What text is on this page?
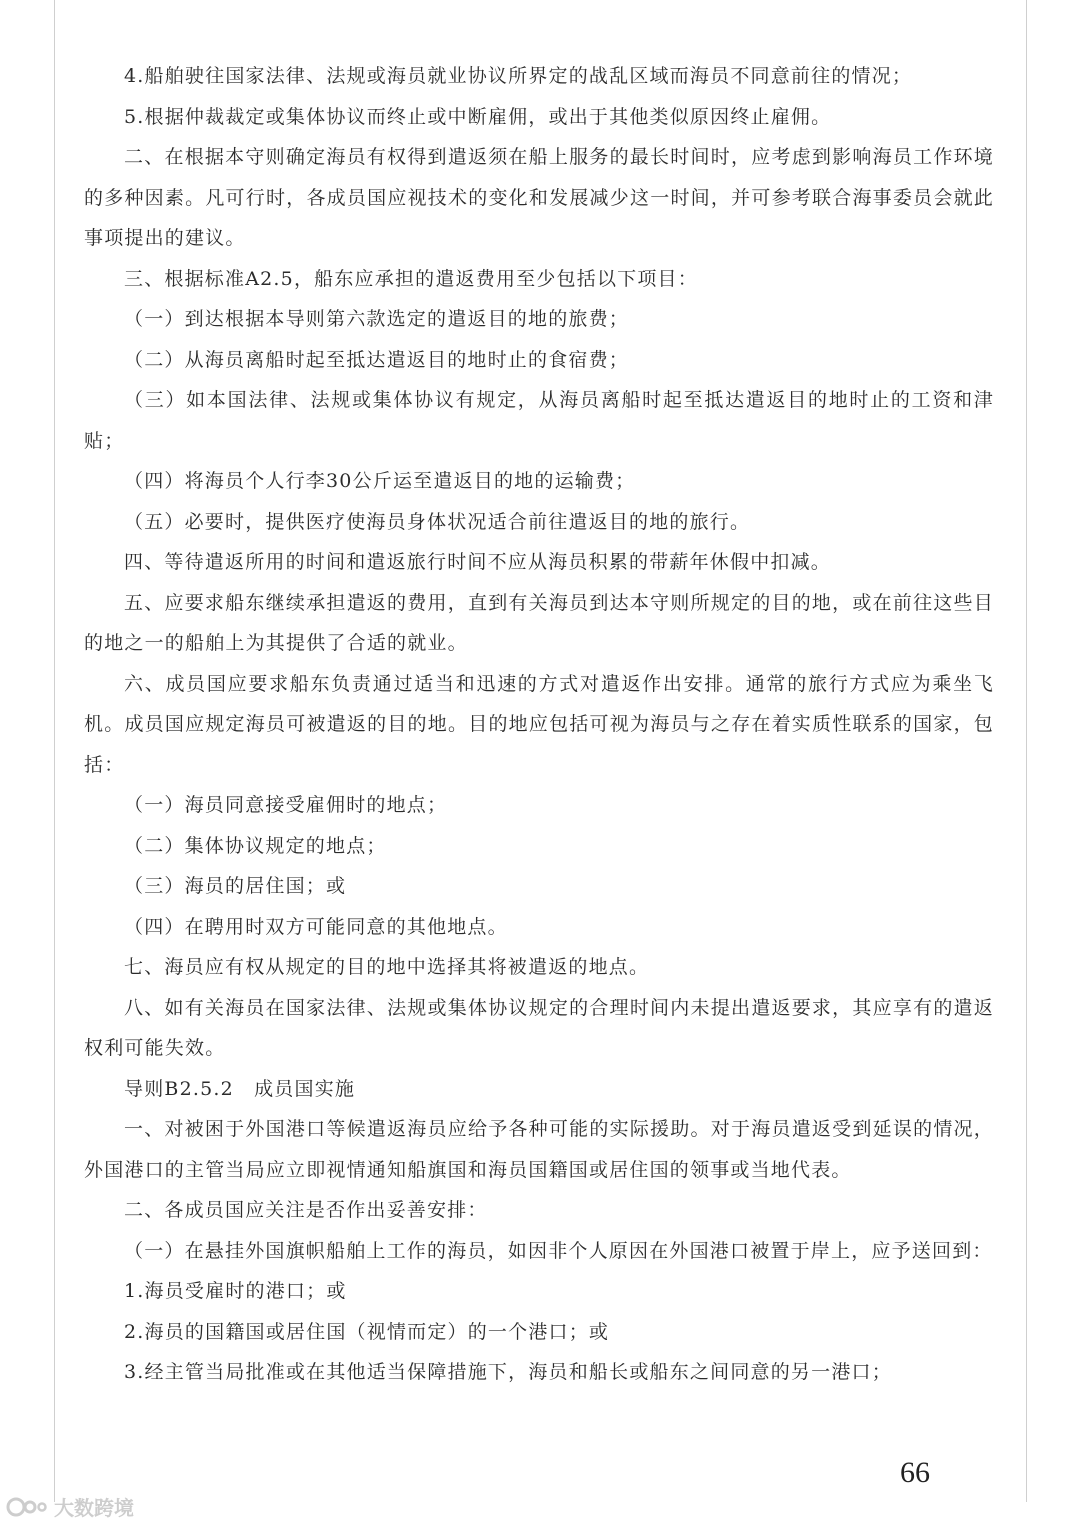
4.船舶驶往国家法律、法规或海员就业协议所界定的战乱区域而海员不同意前往的情况；

5.根据仲裁裁定或集体协议而终止或中断雇佣，或出于其他类似原因终止雇佣。

二、在根据本守则确定海员有权得到遣返须在船上服务的最长时间时，应考虑到影响海员工作环境的多种因素。凡可行时，各成员国应视技术的变化和发展减少这一时间，并可参考联合海事委员会就此事项提出的建议。

三、根据标准A2.5，船东应承担的遣返费用至少包括以下项目：

（一）到达根据本导则第六款选定的遣返目的地的旅费；

（二）从海员离船时起至抵达遣返目的地时止的食宿费；

（三）如本国法律、法规或集体协议有规定，从海员离船时起至抵达遣返目的地时止的工资和津贴；

（四）将海员个人行李30公斤运至遣返目的地的运输费；

（五）必要时，提供医疗使海员身体状况适合前往遣返目的地的旅行。

四、等待遣返所用的时间和遣返旅行时间不应从海员积累的带薪年休假中扣减。

五、应要求船东继续承担遣返的费用，直到有关海员到达本守则所规定的目的地，或在前往这些目的地之一的船舶上为其提供了合适的就业。

六、成员国应要求船东负责通过适当和迅速的方式对遣返作出安排。通常的旅行方式应为乘坐飞机。成员国应规定海员可被遣返的目的地。目的地应包括可视为海员与之存在着实质性联系的国家，包括：

（一）海员同意接受雇佣时的地点；

（二）集体协议规定的地点；

（三）海员的居住国；或

（四）在聘用时双方可能同意的其他地点。

七、海员应有权从规定的目的地中选择其将被遣返的地点。

八、如有关海员在国家法律、法规或集体协议规定的合理时间内未提出遣返要求，其应享有的遣返权利可能失效。

导则B2.5.2　成员国实施

一、对被困于外国港口等候遣返海员应给予各种可能的实际援助。对于海员遣返受到延误的情况，外国港口的主管当局应立即视情通知船旗国和海员国籍国或居住国的领事或当地代表。

二、各成员国应关注是否作出妥善安排：

（一）在悬挂外国旗帜船舶上工作的海员，如因非个人原因在外国港口被置于岸上，应予送回到：

1.海员受雇时的港口；或

2.海员的国籍国或居住国（视情而定）的一个港口；或

3.经主管当局批准或在其他适当保障措施下，海员和船长或船东之间同意的另一港口；

66
大数跨境
